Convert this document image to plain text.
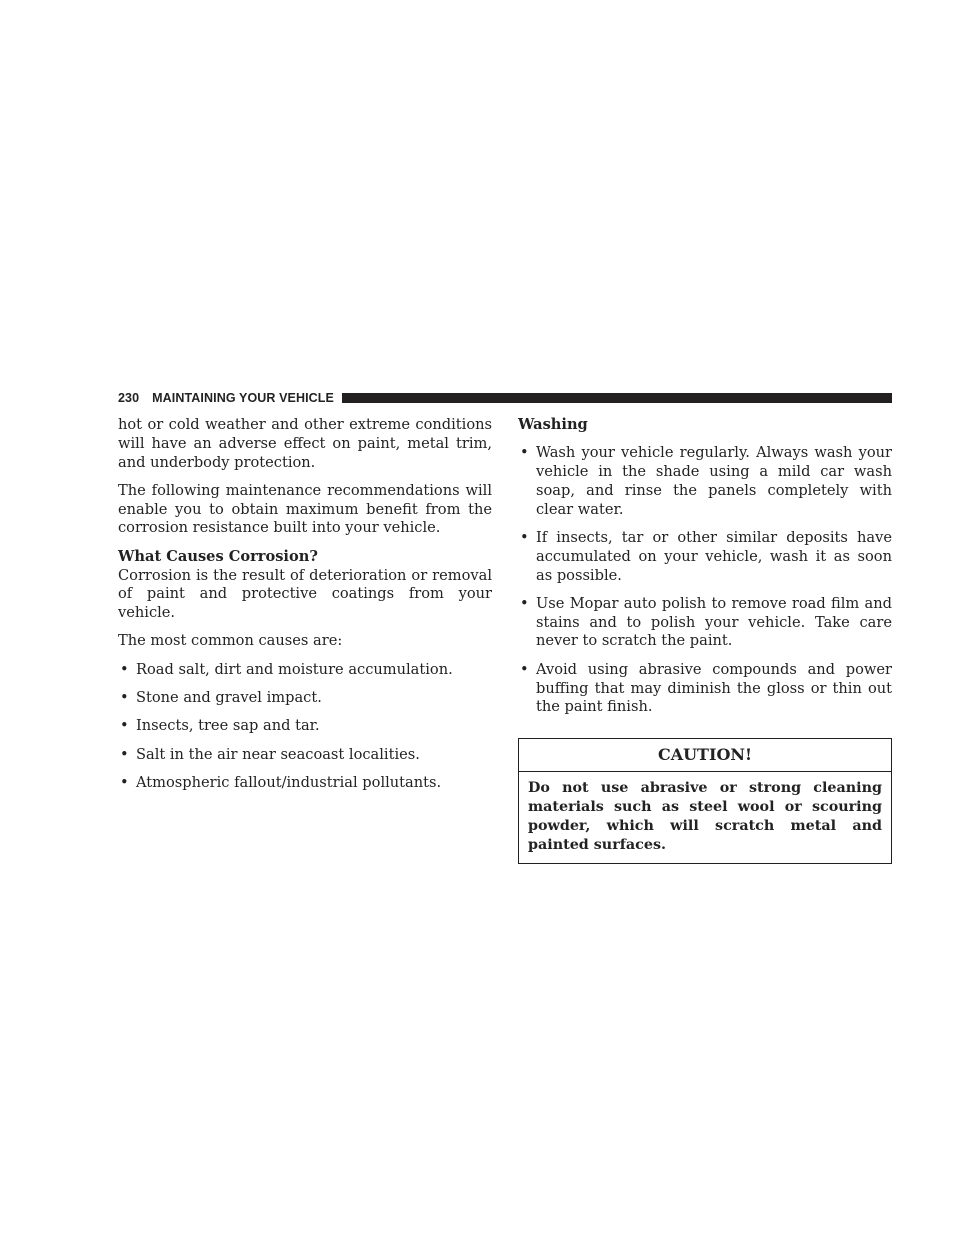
230 MAINTAINING YOUR VEHICLE

hot or cold weather and other extreme conditions will have an adverse effect on paint, metal trim, and underbody protection.

The following maintenance recommendations will enable you to obtain maximum benefit from the corrosion resistance built into your vehicle.

What Causes Corrosion?

Corrosion is the result of deterioration or removal of paint and protective coatings from your vehicle.

The most common causes are:

• Road salt, dirt and moisture accumulation.
• Stone and gravel impact.
• Insects, tree sap and tar.
• Salt in the air near seacoast localities.
• Atmospheric fallout/industrial pollutants.
Washing
• Wash your vehicle regularly. Always wash your vehicle in the shade using a mild car wash soap, and rinse the panels completely with clear water.
• If insects, tar or other similar deposits have accumulated on your vehicle, wash it as soon as possible.
• Use Mopar auto polish to remove road film and stains and to polish your vehicle. Take care never to scratch the paint.
• Avoid using abrasive compounds and power buffing that may diminish the gloss or thin out the paint finish.
CAUTION!
Do not use abrasive or strong cleaning materials such as steel wool or scouring powder, which will scratch metal and painted surfaces.
